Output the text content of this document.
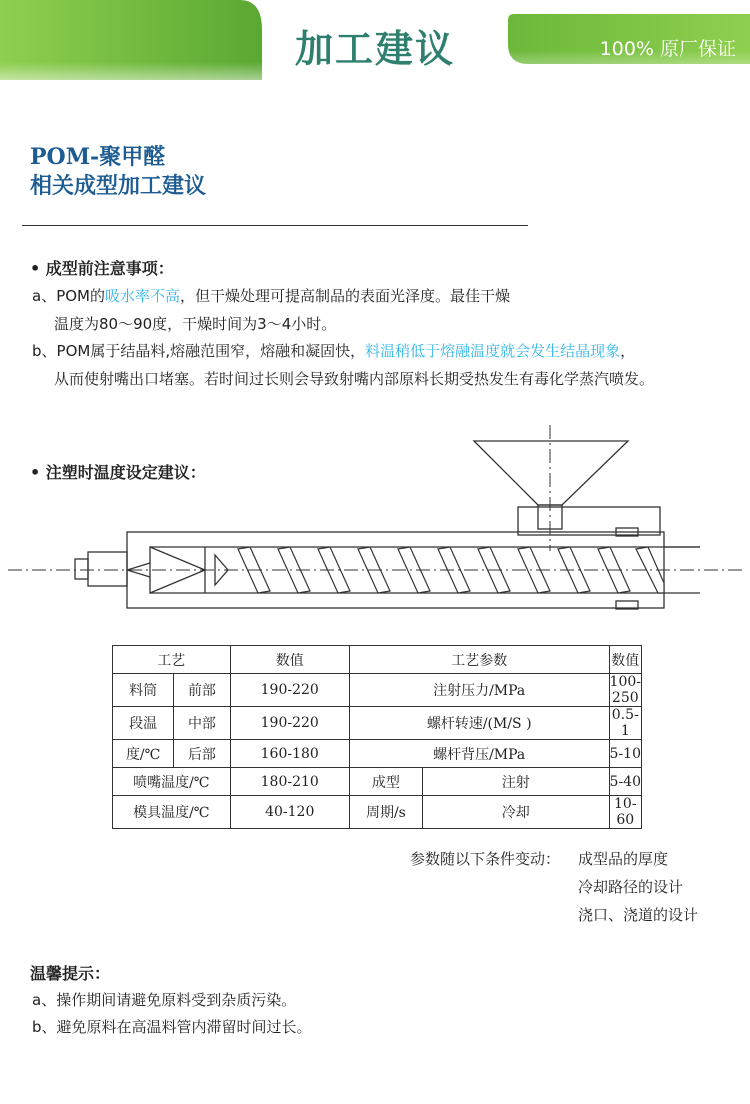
加工建议	100% 原厂保证
POM-聚甲醛
相关成型加工建议
• 成型前注意事项：
a、POM的吸水率不高，但干燥处理可提高制品的表面光泽度。最佳干燥
温度为80～90度，干燥时间为3～4小时。
b、POM属于结晶料,熔融范围窄，熔融和凝固快，料温稍低于熔融温度就会发生结晶现象，
从而使射嘴出口堵塞。若时间过长则会导致射嘴内部原料长期受热发生有毒化学蒸汽喷发。
• 注塑时温度设定建议：
工艺		数值	工艺参数		数值
料筒	前部	190-220	注射压力/MPa		100-250
段温	中部	190-220	螺杆转速/(M/S )		0.5-1
度/℃	后部	160-180	螺杆背压/MPa		5-10
喷嘴温度/℃		180-210	成型	注射	5-40
模具温度/℃		40-120	周期/s	冷却	10-60
参数随以下条件变动： 成型品的厚度
冷却路径的设计
浇口、浇道的设计
温馨提示：
a、操作期间请避免原料受到杂质污染。
b、避免原料在高温料管内滞留时间过长。
